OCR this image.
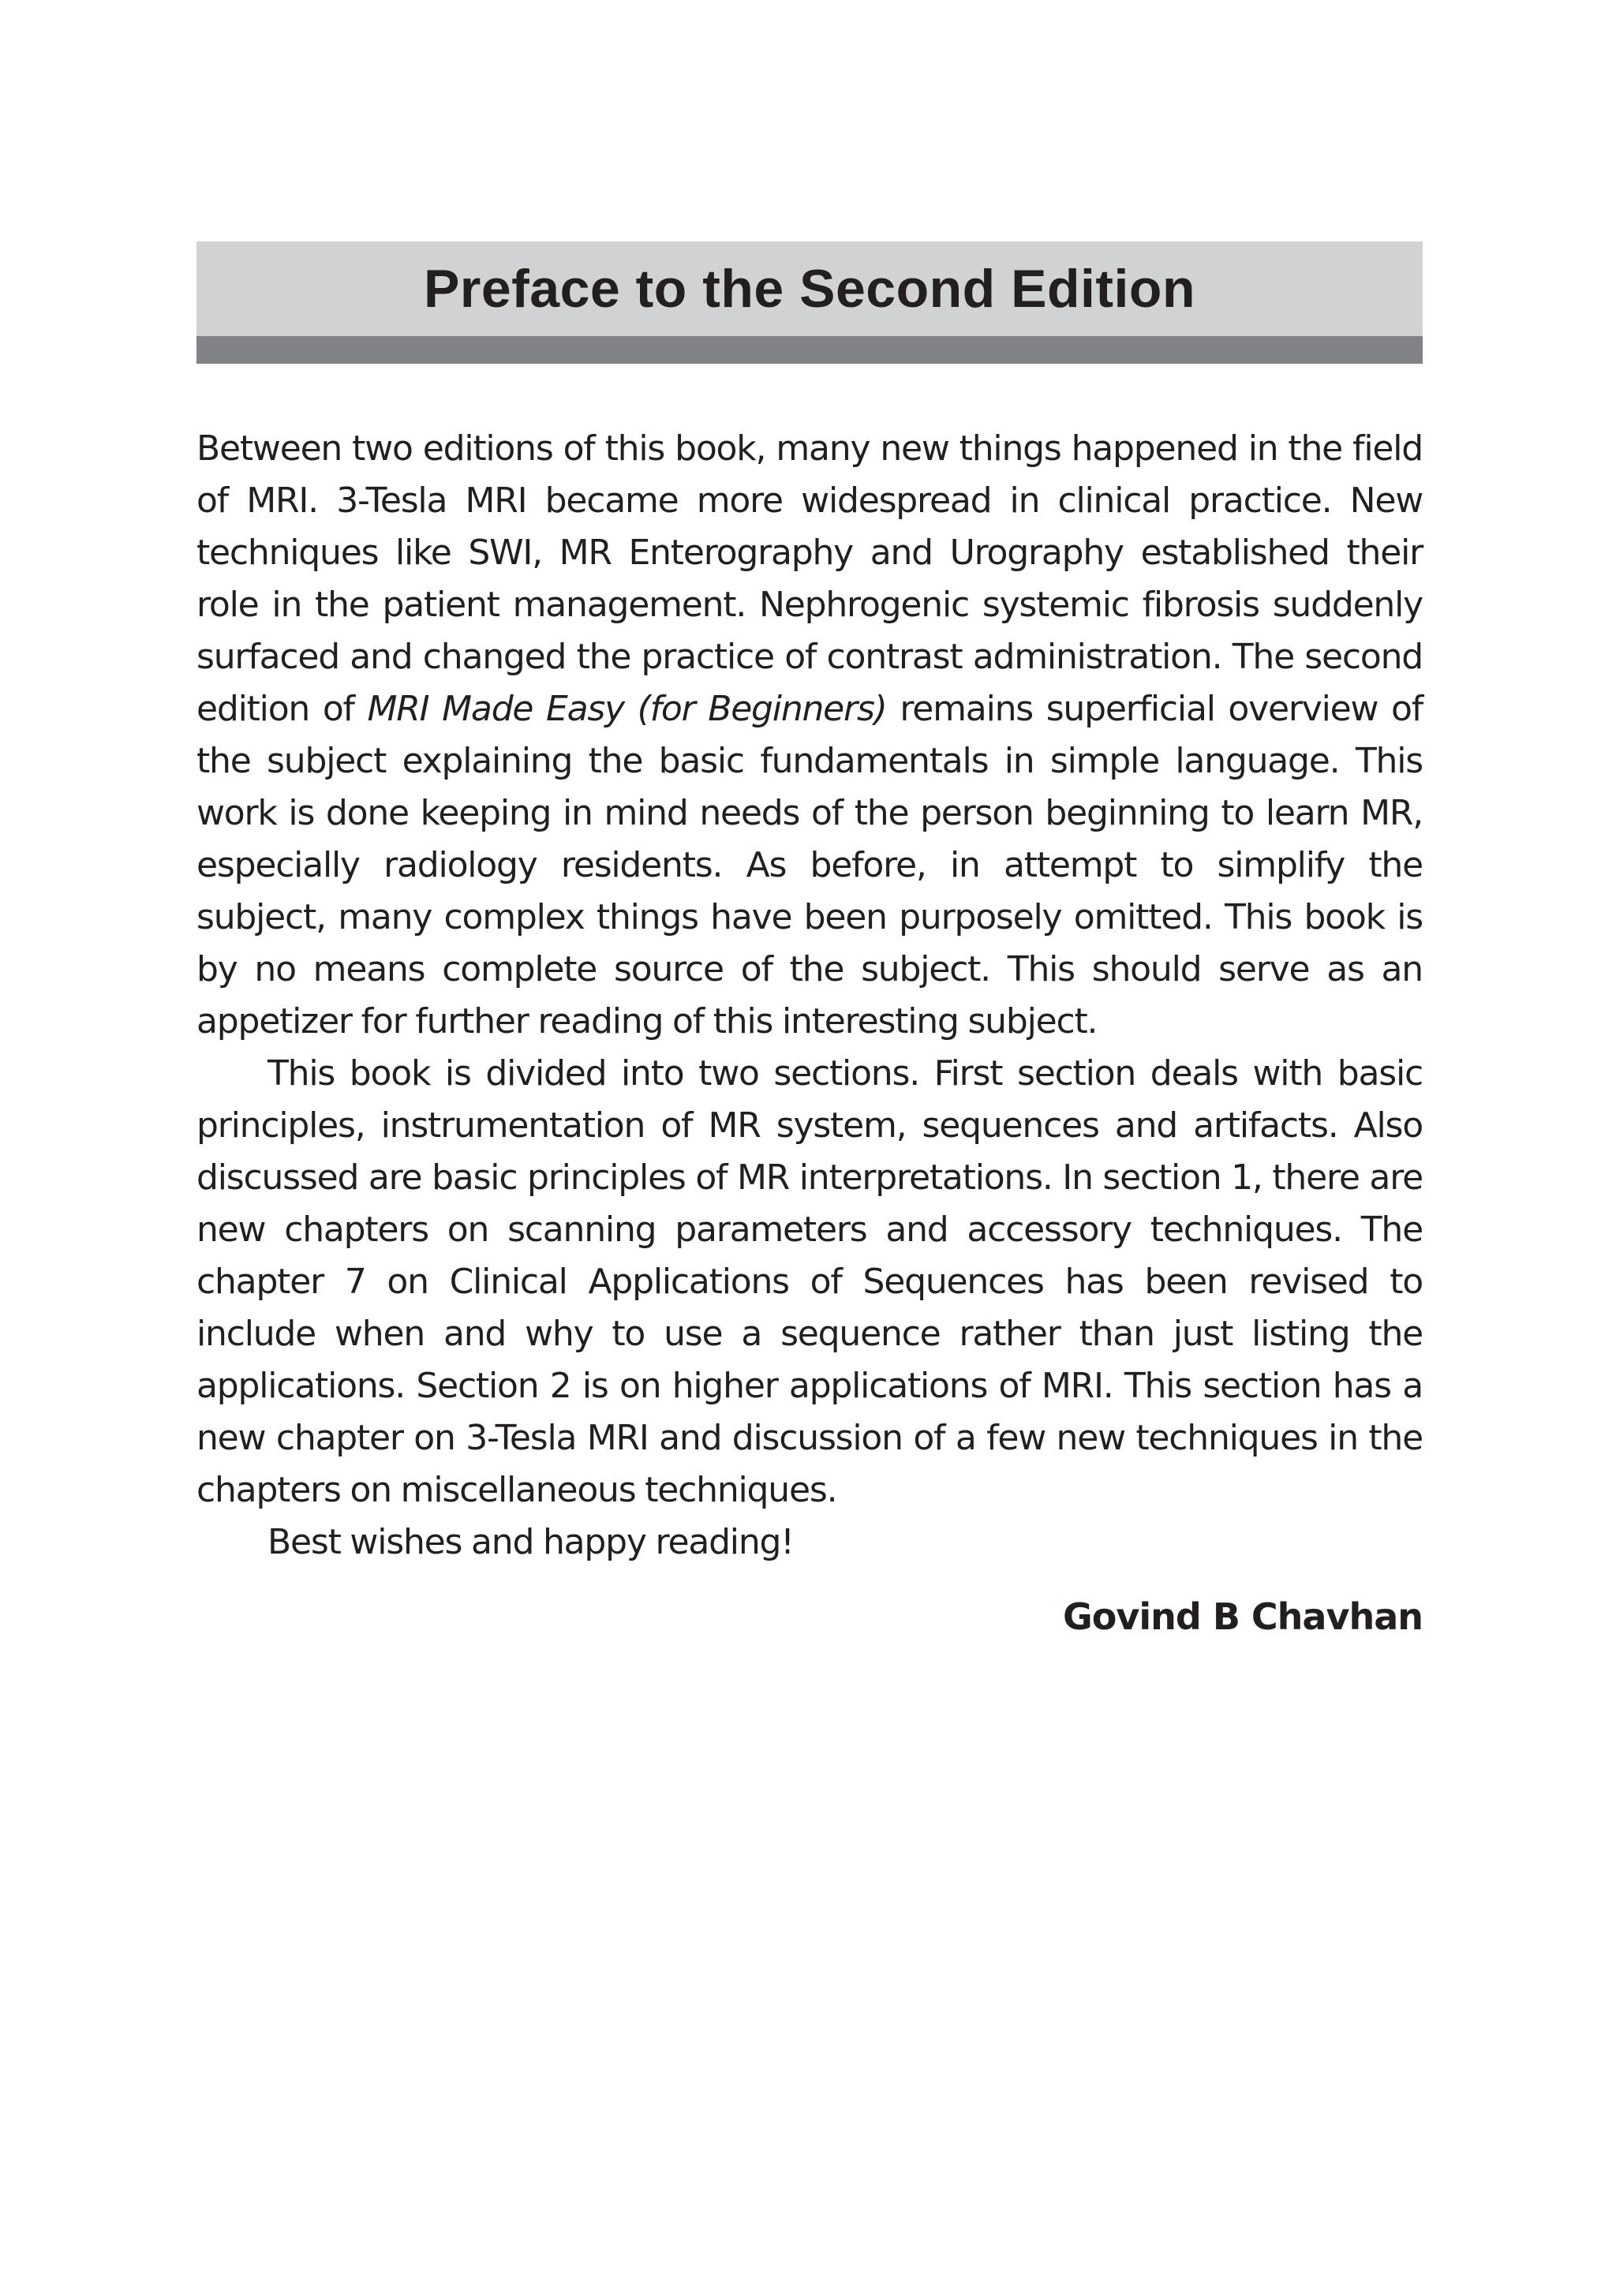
Preface to the Second Edition

Between two editions of this book, many new things happened in the field of MRI. 3-Tesla MRI became more widespread in clinical practice. New techniques like SWI, MR Enterography and Urography established their role in the patient management. Nephrogenic systemic fibrosis suddenly surfaced and changed the practice of contrast administration. The second edition of MRI Made Easy (for Beginners) remains superficial overview of the subject explaining the basic fundamentals in simple language. This work is done keeping in mind needs of the person beginning to learn MR, especially radiology residents. As before, in attempt to simplify the subject, many complex things have been purposely omitted. This book is by no means complete source of the subject. This should serve as an appetizer for further reading of this interesting subject.

This book is divided into two sections. First section deals with basic principles, instrumentation of MR system, sequences and artifacts. Also discussed are basic principles of MR interpretations. In section 1, there are new chapters on scanning parameters and accessory techniques. The chapter 7 on Clinical Applications of Sequences has been revised to include when and why to use a sequence rather than just listing the applications. Section 2 is on higher applications of MRI. This section has a new chapter on 3-Tesla MRI and discussion of a few new techniques in the chapters on miscellaneous techniques.

Best wishes and happy reading!

Govind B Chavhan
